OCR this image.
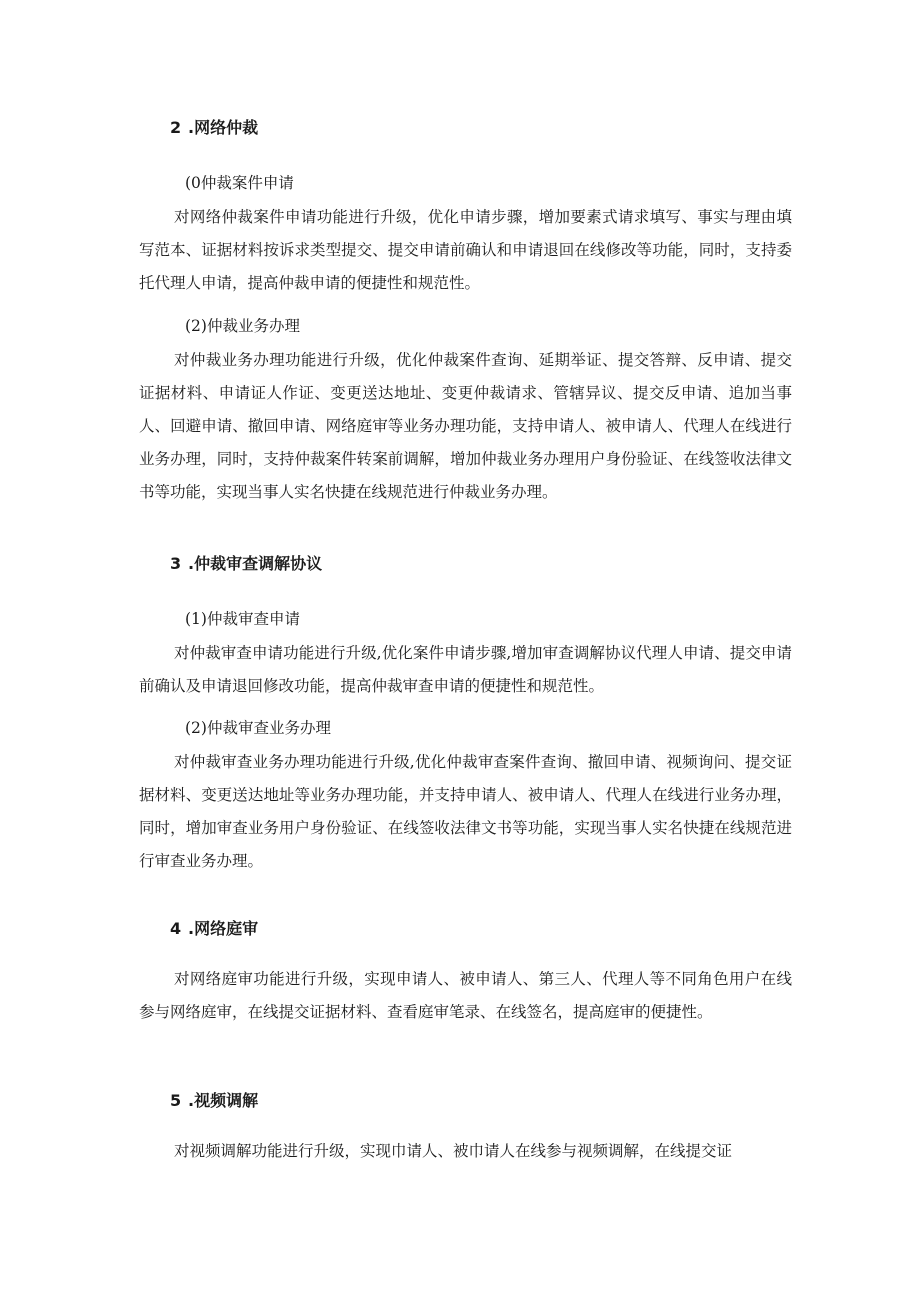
2 .网络仲裁
(0仲裁案件申请
对网络仲裁案件申请功能进行升级，优化申请步骤，增加要素式请求填写、事实与理由填写范本、证据材料按诉求类型提交、提交申请前确认和申请退回在线修改等功能，同时，支持委托代理人申请，提高仲裁申请的便捷性和规范性。
(2)仲裁业务办理
对仲裁业务办理功能进行升级，优化仲裁案件查询、延期举证、提交答辩、反申请、提交证据材料、申请证人作证、变更送达地址、变更仲裁请求、管辖异议、提交反申请、追加当事人、回避申请、撤回申请、网络庭审等业务办理功能，支持申请人、被申请人、代理人在线进行业务办理，同时，支持仲裁案件转案前调解，增加仲裁业务办理用户身份验证、在线签收法律文书等功能，实现当事人实名快捷在线规范进行仲裁业务办理。
3 .仲裁审查调解协议
(1)仲裁审查申请
对仲裁审查申请功能进行升级,优化案件申请步骤,增加审查调解协议代理人申请、提交申请前确认及申请退回修改功能，提高仲裁审查申请的便捷性和规范性。
(2)仲裁审查业务办理
对仲裁审查业务办理功能进行升级,优化仲裁审查案件查询、撤回申请、视频询问、提交证据材料、变更送达地址等业务办理功能，并支持申请人、被申请人、代理人在线进行业务办理，同时，增加审查业务用户身份验证、在线签收法律文书等功能，实现当事人实名快捷在线规范进行审查业务办理。
4 .网络庭审
对网络庭审功能进行升级，实现申请人、被申请人、第三人、代理人等不同角色用户在线参与网络庭审，在线提交证据材料、查看庭审笔录、在线签名，提高庭审的便捷性。
5 .视频调解
对视频调解功能进行升级，实现巾请人、被巾请人在线参与视频调解，在线提交证
